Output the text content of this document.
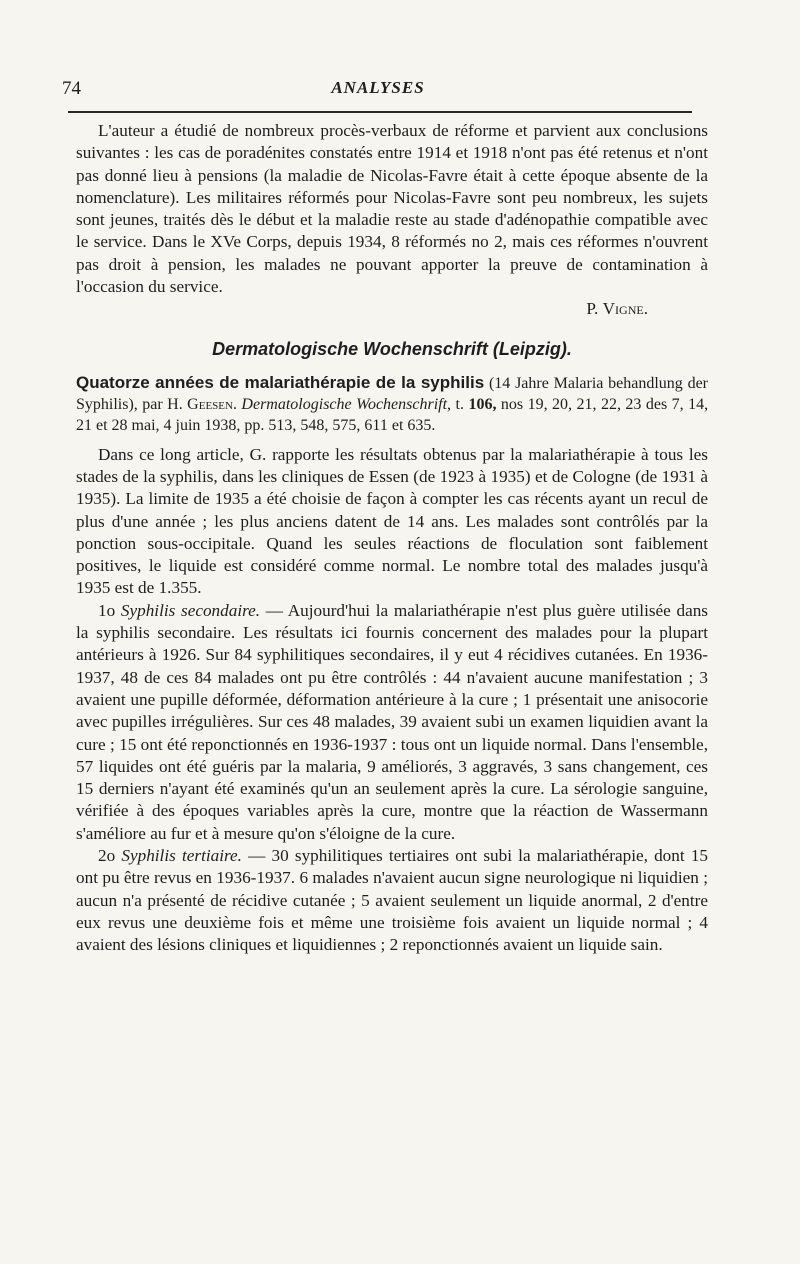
74	ANALYSES

L'auteur a étudié de nombreux procès-verbaux de réforme et parvient aux conclusions suivantes : les cas de poradénites constatés entre 1914 et 1918 n'ont pas été retenus et n'ont pas donné lieu à pensions (la maladie de Nicolas-Favre était à cette époque absente de la nomenclature). Les militaires réformés pour Nicolas-Favre sont peu nombreux, les sujets sont jeunes, traités dès le début et la maladie reste au stade d'adénopathie compatible avec le service. Dans le XVe Corps, depuis 1934, 8 réformés no 2, mais ces réformes n'ouvrent pas droit à pension, les malades ne pouvant apporter la preuve de contamination à l'occasion du service.

P. Vigne.

Dermatologische Wochenschrift (Leipzig).

Quatorze années de malariathérapie de la syphilis (14 Jahre Malaria behandlung der Syphilis), par H. Geesen. Dermatologische Wochenschrift, t. 106, nos 19, 20, 21, 22, 23 des 7, 14, 21 et 28 mai, 4 juin 1938, pp. 513, 548, 575, 611 et 635.

Dans ce long article, G. rapporte les résultats obtenus par la malariathérapie à tous les stades de la syphilis, dans les cliniques de Essen (de 1923 à 1935) et de Cologne (de 1931 à 1935). La limite de 1935 a été choisie de façon à compter les cas récents ayant un recul de plus d'une année ; les plus anciens datent de 14 ans. Les malades sont contrôlés par la ponction sous-occipitale. Quand les seules réactions de floculation sont faiblement positives, le liquide est considéré comme normal. Le nombre total des malades jusqu'à 1935 est de 1.355.

1o Syphilis secondaire. — Aujourd'hui la malariathérapie n'est plus guère utilisée dans la syphilis secondaire. Les résultats ici fournis concernent des malades pour la plupart antérieurs à 1926. Sur 84 syphilitiques secondaires, il y eut 4 récidives cutanées. En 1936-1937, 48 de ces 84 malades ont pu être contrôlés : 44 n'avaient aucune manifestation ; 3 avaient une pupille déformée, déformation antérieure à la cure ; 1 présentait une anisocorie avec pupilles irrégulières. Sur ces 48 malades, 39 avaient subi un examen liquidien avant la cure ; 15 ont été reponctionnés en 1936-1937 : tous ont un liquide normal. Dans l'ensemble, 57 liquides ont été guéris par la malaria, 9 améliorés, 3 aggravés, 3 sans changement, ces 15 derniers n'ayant été examinés qu'un an seulement après la cure. La sérologie sanguine, vérifiée à des époques variables après la cure, montre que la réaction de Wassermann s'améliore au fur et à mesure qu'on s'éloigne de la cure.

2o Syphilis tertiaire. — 30 syphilitiques tertiaires ont subi la malariathérapie, dont 15 ont pu être revus en 1936-1937. 6 malades n'avaient aucun signe neurologique ni liquidien ; aucun n'a présenté de récidive cutanée ; 5 avaient seulement un liquide anormal, 2 d'entre eux revus une deuxième fois et même une troisième fois avaient un liquide normal ; 4 avaient des lésions cliniques et liquidiennes ; 2 reponctionnés avaient un liquide sain.
